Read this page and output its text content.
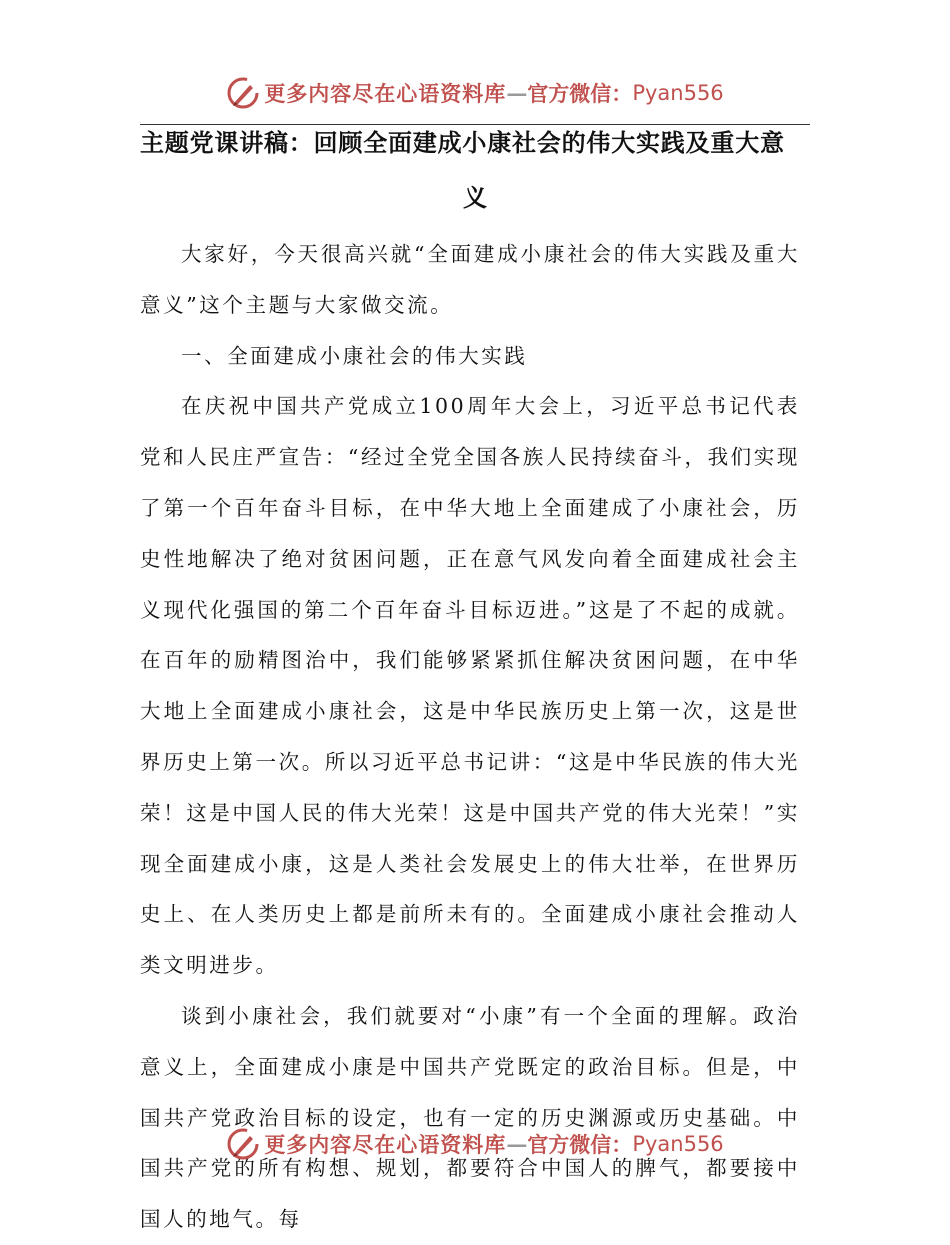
更多内容尽在心语资料库—官方微信：Pyan556
主题党课讲稿：回顾全面建成小康社会的伟大实践及重大意
义

大家好，今天很高兴就“全面建成小康社会的伟大实践及重大意义”这个主题与大家做交流。

一、全面建成小康社会的伟大实践

在庆祝中国共产党成立100周年大会上，习近平总书记代表党和人民庄严宣告：“经过全党全国各族人民持续奋斗，我们实现了第一个百年奋斗目标，在中华大地上全面建成了小康社会，历史性地解决了绝对贫困问题，正在意气风发向着全面建成社会主义现代化强国的第二个百年奋斗目标迈进。”这是了不起的成就。在百年的励精图治中，我们能够紧紧抓住解决贫困问题，在中华大地上全面建成小康社会，这是中华民族历史上第一次，这是世界历史上第一次。所以习近平总书记讲：“这是中华民族的伟大光荣！这是中国人民的伟大光荣！这是中国共产党的伟大光荣！”实现全面建成小康，这是人类社会发展史上的伟大壮举，在世界历史上、在人类历史上都是前所未有的。全面建成小康社会推动人类文明进步。

谈到小康社会，我们就要对“小康”有一个全面的理解。政治意义上，全面建成小康是中国共产党既定的政治目标。但是，中国共产党政治目标的设定，也有一定的历史渊源或历史基础。中国共产党的所有构想、规划，都要符合中国人的脾气，都要接中国人的地气。每

更多内容尽在心语资料库—官方微信：Pyan556
